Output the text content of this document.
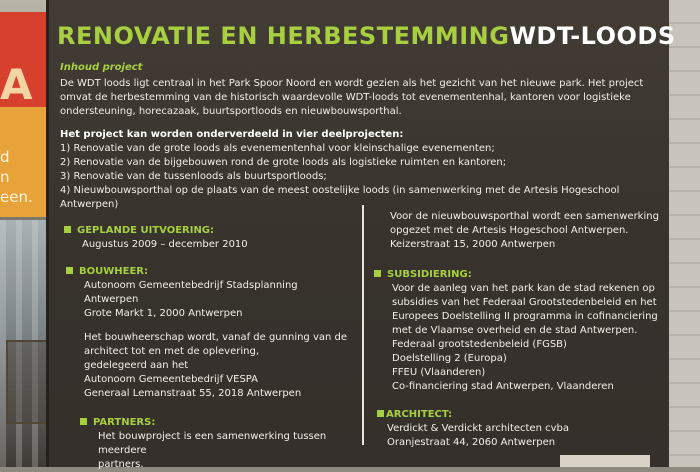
A
d
n
een.
RENOVATIE EN HERBESTEMMINGWDT-LOODS
Inhoud project
De WDT loods ligt centraal in het Park Spoor Noord en wordt gezien als het gezicht van het nieuwe park. Het project omvat de herbestemming van de historisch waardevolle WDT-loods tot evenementenhal, kantoren voor logistieke ondersteuning, horecazaak, buurtsportloods en nieuwbouwsporthal.
Het project kan worden onderverdeeld in vier deelprojecten:
1) Renovatie van de grote loods als evenementenhal voor kleinschalige evenementen;
2) Renovatie van de bijgebouwen rond de grote loods als logistieke ruimten en kantoren;
3) Renovatie van de tussenloods als buurtsportloods;
4) Nieuwbouwsporthal op de plaats van de meest oostelijke loods (in samenwerking met de Artesis Hogeschool Antwerpen)
GEPLANDE UITVOERING:
Augustus 2009 – december 2010
BOUWHEER:

Autonoom Gemeentebedrijf Stadsplanning

Antwerpen

Grote Markt 1, 2000 Antwerpen

Het bouwheerschap wordt, vanaf de gunning van de

architect tot en met de oplevering,

gedelegeerd aan het

Autonoom Gemeentebedrijf VESPA

Generaal Lemanstraat 55, 2018 Antwerpen

PARTNERS:

Het bouwproject is een samenwerking tussen meerdere

partners.

Voor de nieuwbouwsporthal wordt een samenwerking

opgezet met de Artesis Hogeschool Antwerpen.

Keizerstraat 15, 2000 Antwerpen

SUBSIDIERING:

Voor de aanleg van het park kan de stad rekenen op

subsidies van het Federaal Grootstedenbeleid en het

Europees Doelstelling II programma in cofinanciering

met de Vlaamse overheid en de stad Antwerpen.

Federaal grootstedenbeleid (FGSB)

Doelstelling 2 (Europa)

FFEU (Vlaanderen)

Co-financiering stad Antwerpen, Vlaanderen

ARCHITECT:

Verdickt & Verdickt architecten cvba

Oranjestraat 44, 2060 Antwerpen
